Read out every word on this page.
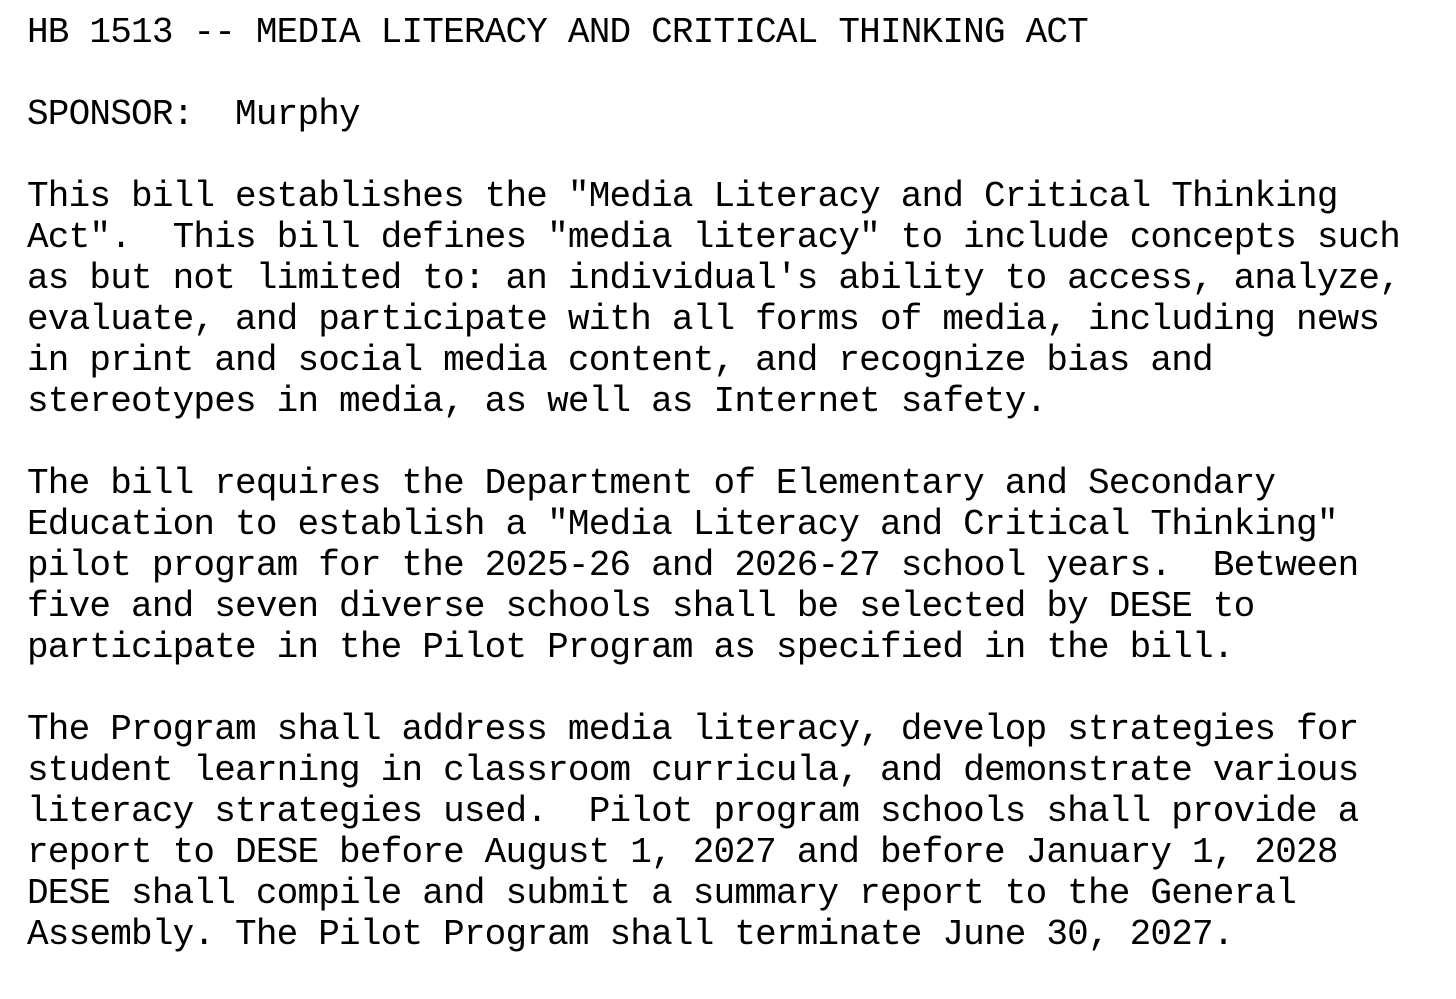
HB 1513 -- MEDIA LITERACY AND CRITICAL THINKING ACT
SPONSOR:  Murphy
This bill establishes the "Media Literacy and Critical Thinking
Act".  This bill defines "media literacy" to include concepts such
as but not limited to: an individual's ability to access, analyze,
evaluate, and participate with all forms of media, including news
in print and social media content, and recognize bias and
stereotypes in media, as well as Internet safety.
The bill requires the Department of Elementary and Secondary
Education to establish a "Media Literacy and Critical Thinking"
pilot program for the 2025-26 and 2026-27 school years.  Between
five and seven diverse schools shall be selected by DESE to
participate in the Pilot Program as specified in the bill.
The Program shall address media literacy, develop strategies for
student learning in classroom curricula, and demonstrate various
literacy strategies used.  Pilot program schools shall provide a
report to DESE before August 1, 2027 and before January 1, 2028
DESE shall compile and submit a summary report to the General
Assembly. The Pilot Program shall terminate June 30, 2027.
